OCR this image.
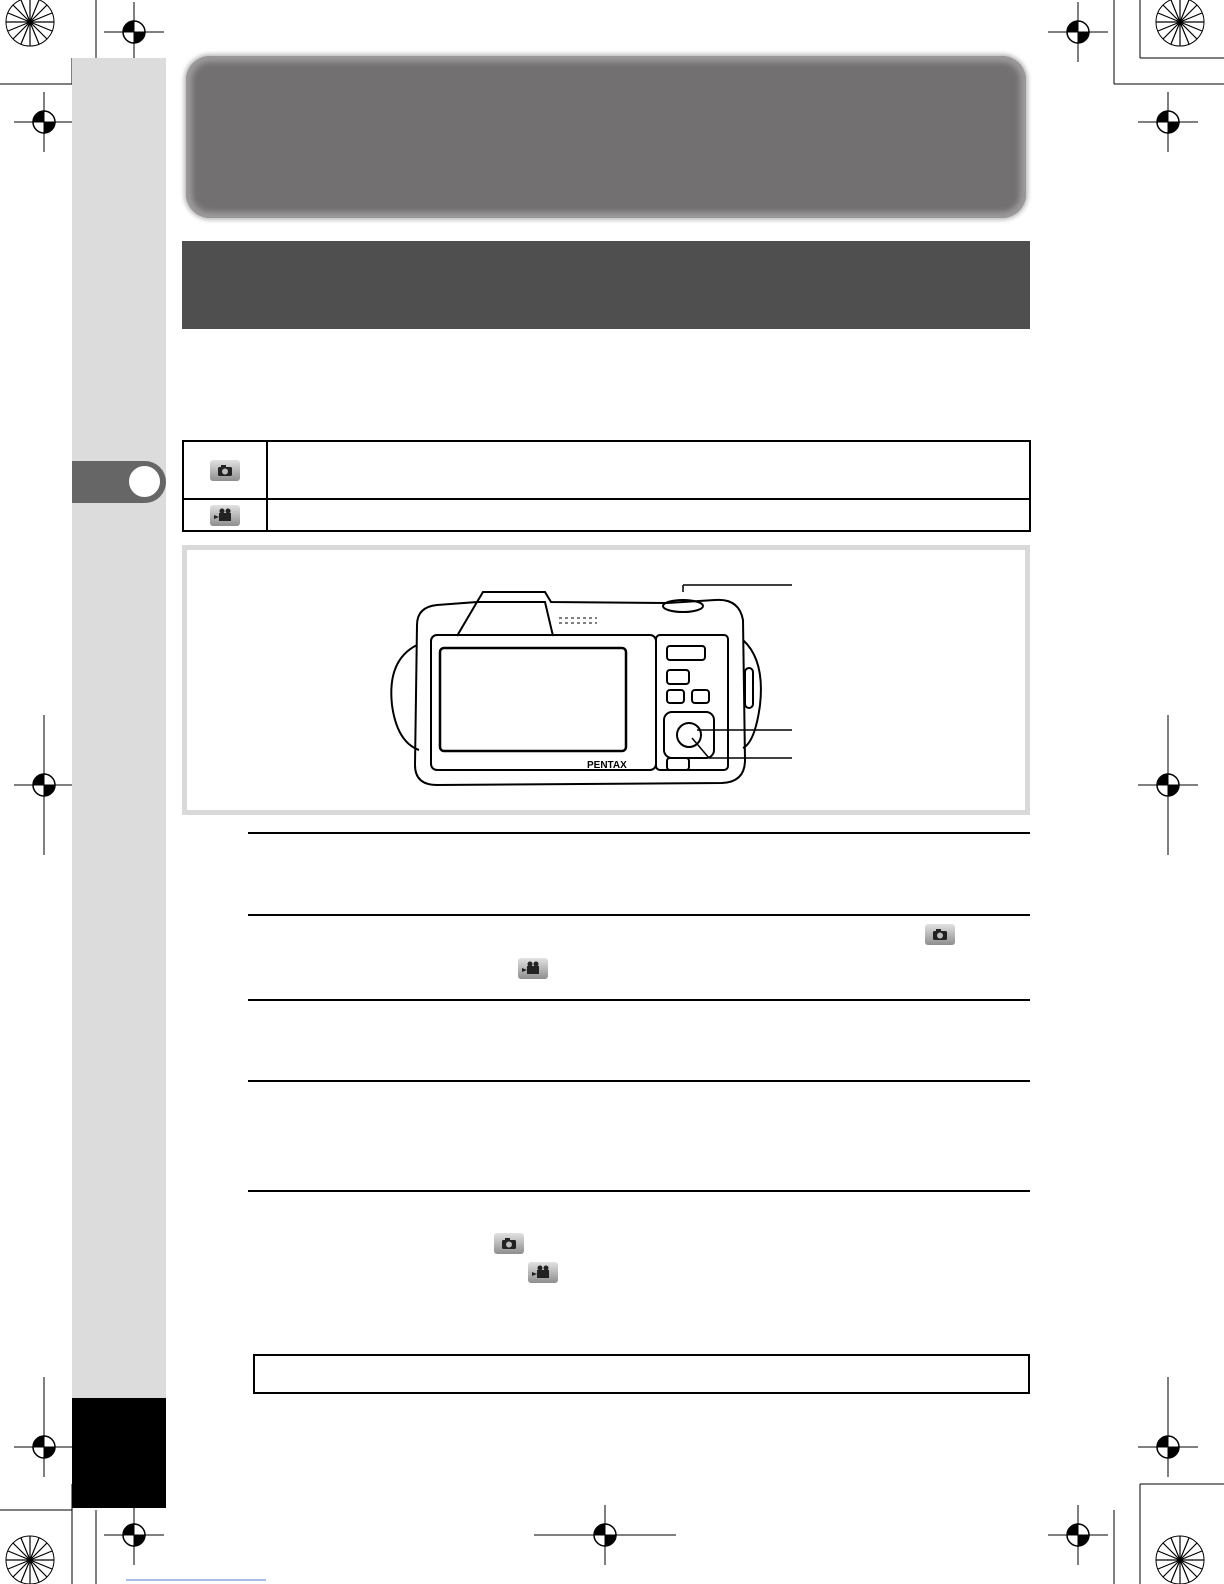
PENTAX
